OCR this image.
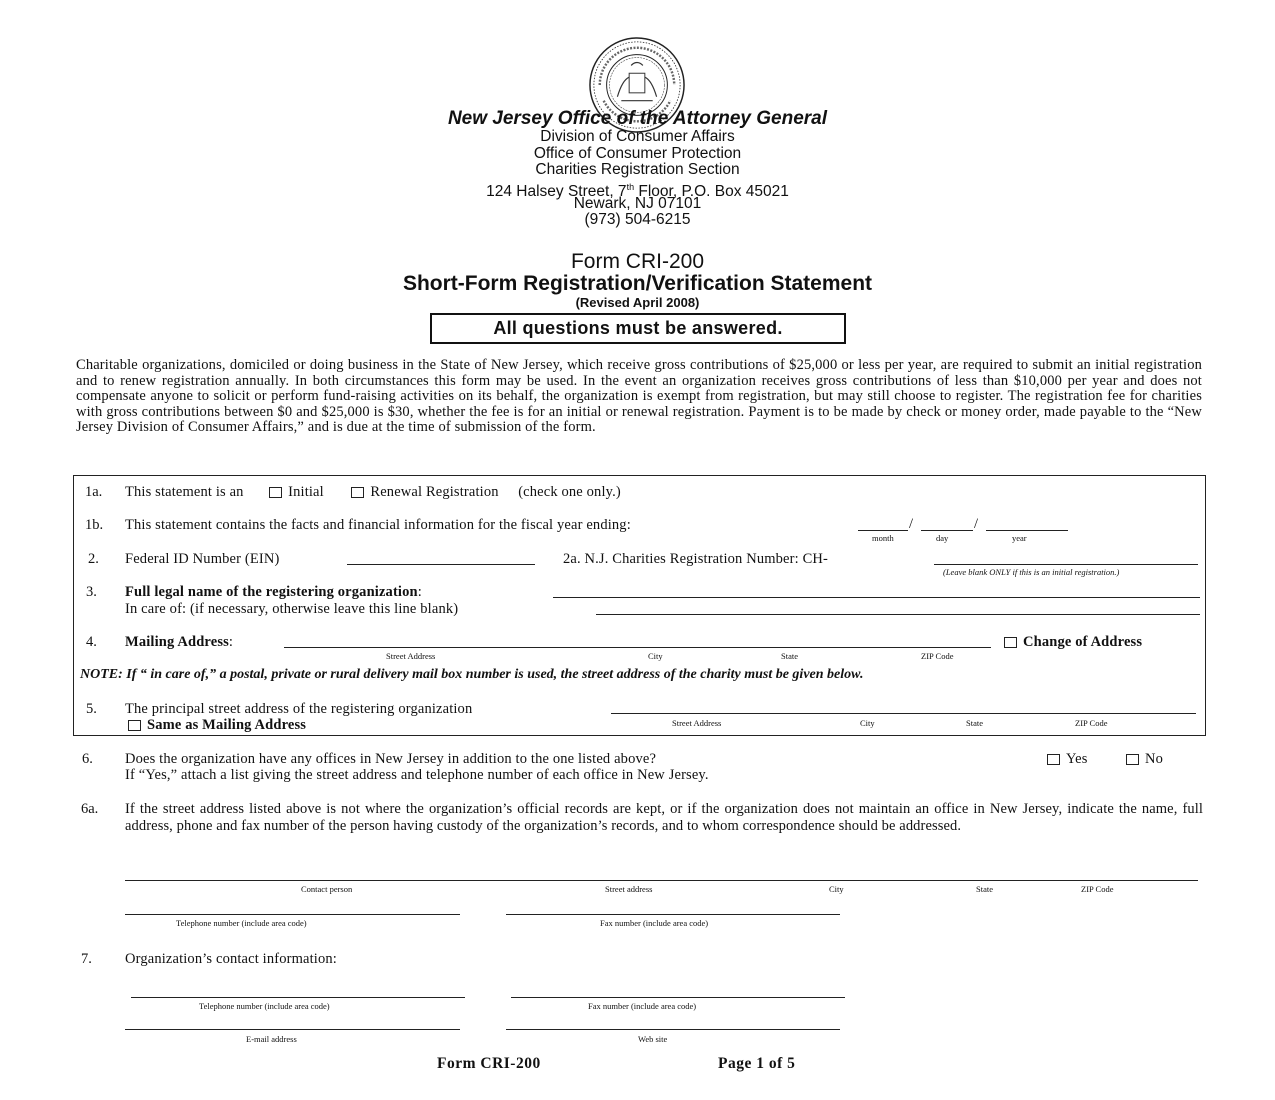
New Jersey Office of the Attorney General
Division of Consumer Affairs
Office of Consumer Protection
Charities Registration Section
124 Halsey Street, 7th Floor, P.O. Box 45021
Newark, NJ 07101
(973) 504-6215
Form CRI-200
Short-Form Registration/Verification Statement
(Revised April 2008)
All questions must be answered.
Charitable organizations, domiciled or doing business in the State of New Jersey, which receive gross contributions of $25,000 or less per year, are required to submit an initial registration and to renew registration annually. In both circumstances this form may be used. In the event an organization receives gross contributions of less than $10,000 per year and does not compensate anyone to solicit or perform fund-raising activities on its behalf, the organization is exempt from registration, but may still choose to register. The registration fee for charities with gross contributions between $0 and $25,000 is $30, whether the fee is for an initial or renewal registration. Payment is to be made by check or money order, made payable to the “New Jersey Division of Consumer Affairs,” and is due at the time of submission of the form.
1a. This statement is an	Initial	Renewal Registration (check one only.)
1b. This statement contains the facts and financial information for the fiscal year ending:	/	/
month	day	year
2. Federal ID Number (EIN)	2a. N.J. Charities Registration Number: CH-
(Leave blank ONLY if this is an initial registration.)
3. Full legal name of the registering organization:
In care of: (if necessary, otherwise leave this line blank)
4. Mailing Address:	Change of Address
Street Address	City	State	ZIP Code
NOTE: If “ in care of,” a postal, private or rural delivery mail box number is used, the street address of the charity must be given below.
5. The principal street address of the registering organization
Street Address	City	State	ZIP Code
Same as Mailing Address
6. Does the organization have any offices in New Jersey in addition to the one listed above?	Yes	No
If “Yes,” attach a list giving the street address and telephone number of each office in New Jersey.
6a. If the street address listed above is not where the organization’s official records are kept, or if the organization does not maintain an office in New Jersey, indicate the name, full address, phone and fax number of the person having custody of the organization’s records, and to whom correspondence should be addressed.
Contact person	Street address	City	State	ZIP Code
Telephone number (include area code)	Fax number (include area code)
7. Organization’s contact information:
Telephone number (include area code)	Fax number (include area code)
E-mail address	Web site
Form CRI-200	Page 1 of 5
